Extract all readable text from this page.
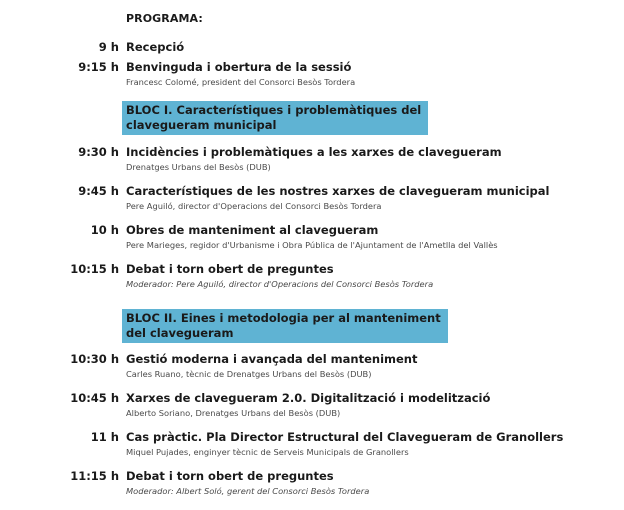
PROGRAMA:
9 h Recepció
9:15 h Benvinguda i obertura de la sessió
Francesc Colomé, president del Consorci Besòs Tordera
BLOC I. Característiques i problemàtiques del
clavegueram municipal
9:30 h Incidències i problemàtiques a les xarxes de clavegueram
Drenatges Urbans del Besòs (DUB)
9:45 h Característiques de les nostres xarxes de clavegueram municipal
Pere Aguiló, director d'Operacions del Consorci Besòs Tordera
10 h Obres de manteniment al clavegueram
Pere Marieges, regidor d'Urbanisme i Obra Pública de l'Ajuntament de l'Ametlla del Vallès
10:15 h Debat i torn obert de preguntes
Moderador: Pere Aguiló, director d'Operacions del Consorci Besòs Tordera
BLOC II. Eines i metodologia per al manteniment
del clavegueram
10:30 h Gestió moderna i avançada del manteniment
Carles Ruano, tècnic de Drenatges Urbans del Besòs (DUB)
10:45 h Xarxes de clavegueram 2.0. Digitalització i modelització
Alberto Soriano, Drenatges Urbans del Besòs (DUB)
11 h Cas pràctic. Pla Director Estructural del Clavegueram de Granollers
Miquel Pujades, enginyer tècnic de Serveis Municipals de Granollers
11:15 h Debat i torn obert de preguntes
Moderador: Albert Soló, gerent del Consorci Besòs Tordera
